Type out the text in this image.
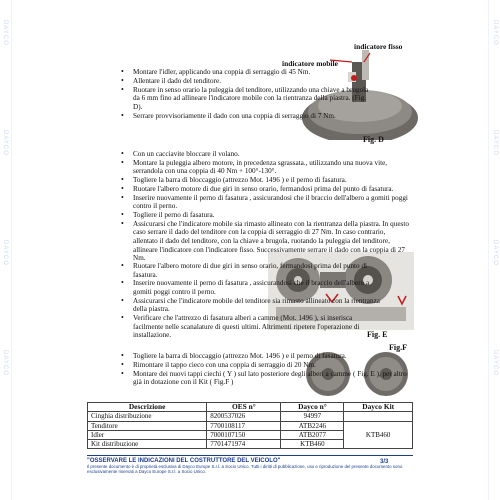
DAYCO
DAYCO
DAYCO
DAYCO
DAYCO
DAYCO
DAYCO
DAYCO
indicatore fisso
indicatore mobile
Fig. D
Fig. E
Fig.F
• Montare l'idler, applicando una coppia di serraggio di 45 Nm.
• Allentare il dado del tenditore.
• Ruotare in senso orario la puleggia del tenditore, utilizzando una chiave a brugola da 6 mm fino ad allineare l'indicatore mobile con la rientranza della piastra. (Fig. D).
• Serrare provvisoriamente il dado con una coppia di serraggio di 7 Nm.
• Con un cacciavite bloccare il volano.
• Montare la puleggia albero motore, in precedenza sgrassata., utilizzando una nuova vite, serrandola con una coppia di 40 Nm + 100°-130°.
• Togliere la barra di bloccaggio (attrezzo Mot. 1496 ) e il perno di fasatura.
• Ruotare l'albero motore di due giri in senso orario, fermandosi prima del punto di fasatura.
• Inserire nuovamente il perno di fasatura , assicurandosi che il braccio dell'albero a gomiti poggi contro il perno.
• Togliere il perno di fasatura.
• Assicurarsi che l'indicatore mobile sia rimasto allineato con la rientranza della piastra. In questo caso serrare il dado del tenditore con la coppia di serraggio di 27 Nm. In caso contrario, allentato il dado del tenditore, con la chiave a brugola, ruotando la puleggia del tenditore, allineare l'indicatore con l'indicatore fisso. Successivamente serrare il dado con la coppia di 27 Nm.
• Ruotare l'albero motore di due giri in senso orario, fermandosi prima del punto di fasatura.
• Inserire nuovamente il perno di fasatura , assicurandosi che il braccio dell'albero a gomiti poggi contro il perno.
• Assicurarsi che l'indicatore mobile del tenditore sia rimasto allineato con la rientranza della piastra.
• Verificare che l'attrezzo di fasatura alberi a camme (Mot. 1496 ), si inserisca facilmente nelle scanalature di questi ultimi. Altrimenti ripetere l'operazione di installazione.
• Togliere la barra di bloccaggio (attrezzo Mot. 1496 ) e il perno di fasatura.
• Rimontare il tappo cieco con una coppia di serraggio di 20 Nm.
• Montare dei nuovi tappi ciechi ( Y ) sul lato posteriore degli alberi a camme ( Fig. E ), per altro già in dotazione con il Kit ( Fig.F )
Descrizione	OES n°	Dayco n°	Dayco Kit
Cinghia distribuzione	8200537026	94997	
Tenditore	7700108117	ATB2246	KTB460
Idler	7000107150	ATB2077	
Kit distribuzione	7701471974	KTB460	
"OSSERVARE LE INDICAZIONI DEL COSTRUTTORE DEL VEICOLO"
Il presente documento è di proprietà esclusiva di Dayco Europe S.r.l. a Socio Unico. Tutti i diritti di pubblicazione, uso e riproduzione del presente documento sono esclusivamente riservati a Dayco Europe S.r.l. a Socio Unico.
3/3
